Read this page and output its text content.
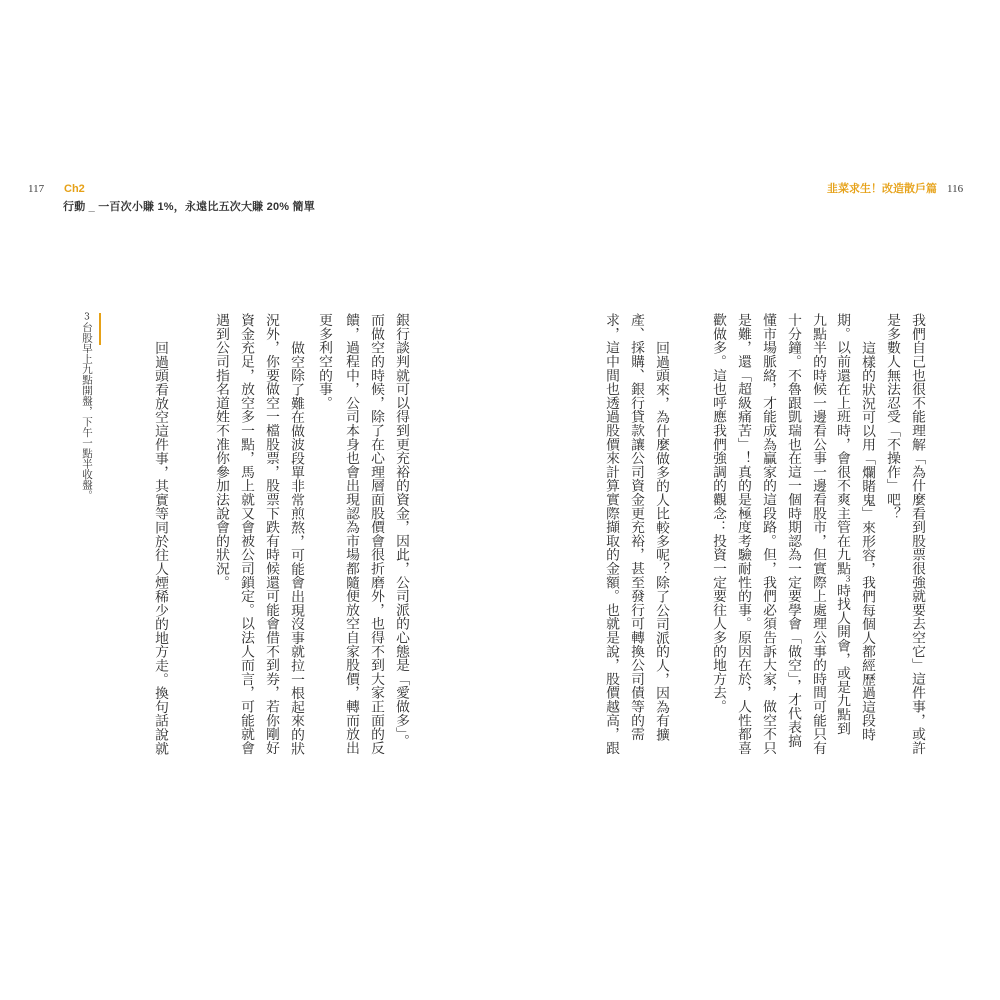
117 Ch2
行動 _ 一百次小賺 1%，永遠比五次大賺 20% 簡單
韭菜求生！改造散戶篇 116
我們自己也很不能理解「為什麼看到股票很強就要去空它」這件事，或許
是多數人無法忍受「不操作」吧？
這樣的狀況可以用「爛賭鬼」來形容，我們每個人都經歷過這段時
期。以前還在上班時，會很不爽主管在九點$^3$時找人開會，或是九點到
九點半的時候一邊看公事一邊看股市，但實際上處理公事的時間可能只有
十分鐘。不魯跟凱瑞也在這一個時期認為一定要學會「做空」，才代表搞
懂市場脈絡，才能成為贏家的這段路。但，我們必須告訴大家，做空不只
是難，還「超級痛苦」！真的是極度考驗耐性的事。原因在於，人性都喜
歡做多。這也呼應我們強調的觀念：投資一定要往人多的地方去。
回過頭來，為什麼做多的人比較多呢？除了公司派的人，因為有擴
產、採購、銀行貸款讓公司資金更充裕，甚至發行可轉換公司債等的需
求，這中間也透過股價來計算實際擷取的金額。也就是說，股價越高，跟
銀行談判就可以得到更充裕的資金，因此，公司派的心態是「愛做多」。
而做空的時候，除了在心理層面股價會很折磨外，也得不到大家正面的反
饋，過程中，公司本身也會出現認為市場都隨便放空自家股價，轉而放出
更多利空的事。
做空除了難在做波段單非常煎熬，可能會出現沒事就拉一根起來的狀
況外，你要做空一檔股票，股票下跌有時候還可能會借不到券，若你剛好
資金充足，放空多一點，馬上就又會被公司鎖定。以法人而言，可能就會
遇到公司指名道姓不准你參加法說會的狀況。
回過頭看放空這件事，其實等同於往人煙稀少的地方走。換句話說就
3台股早上九點開盤，下午一點半收盤。
